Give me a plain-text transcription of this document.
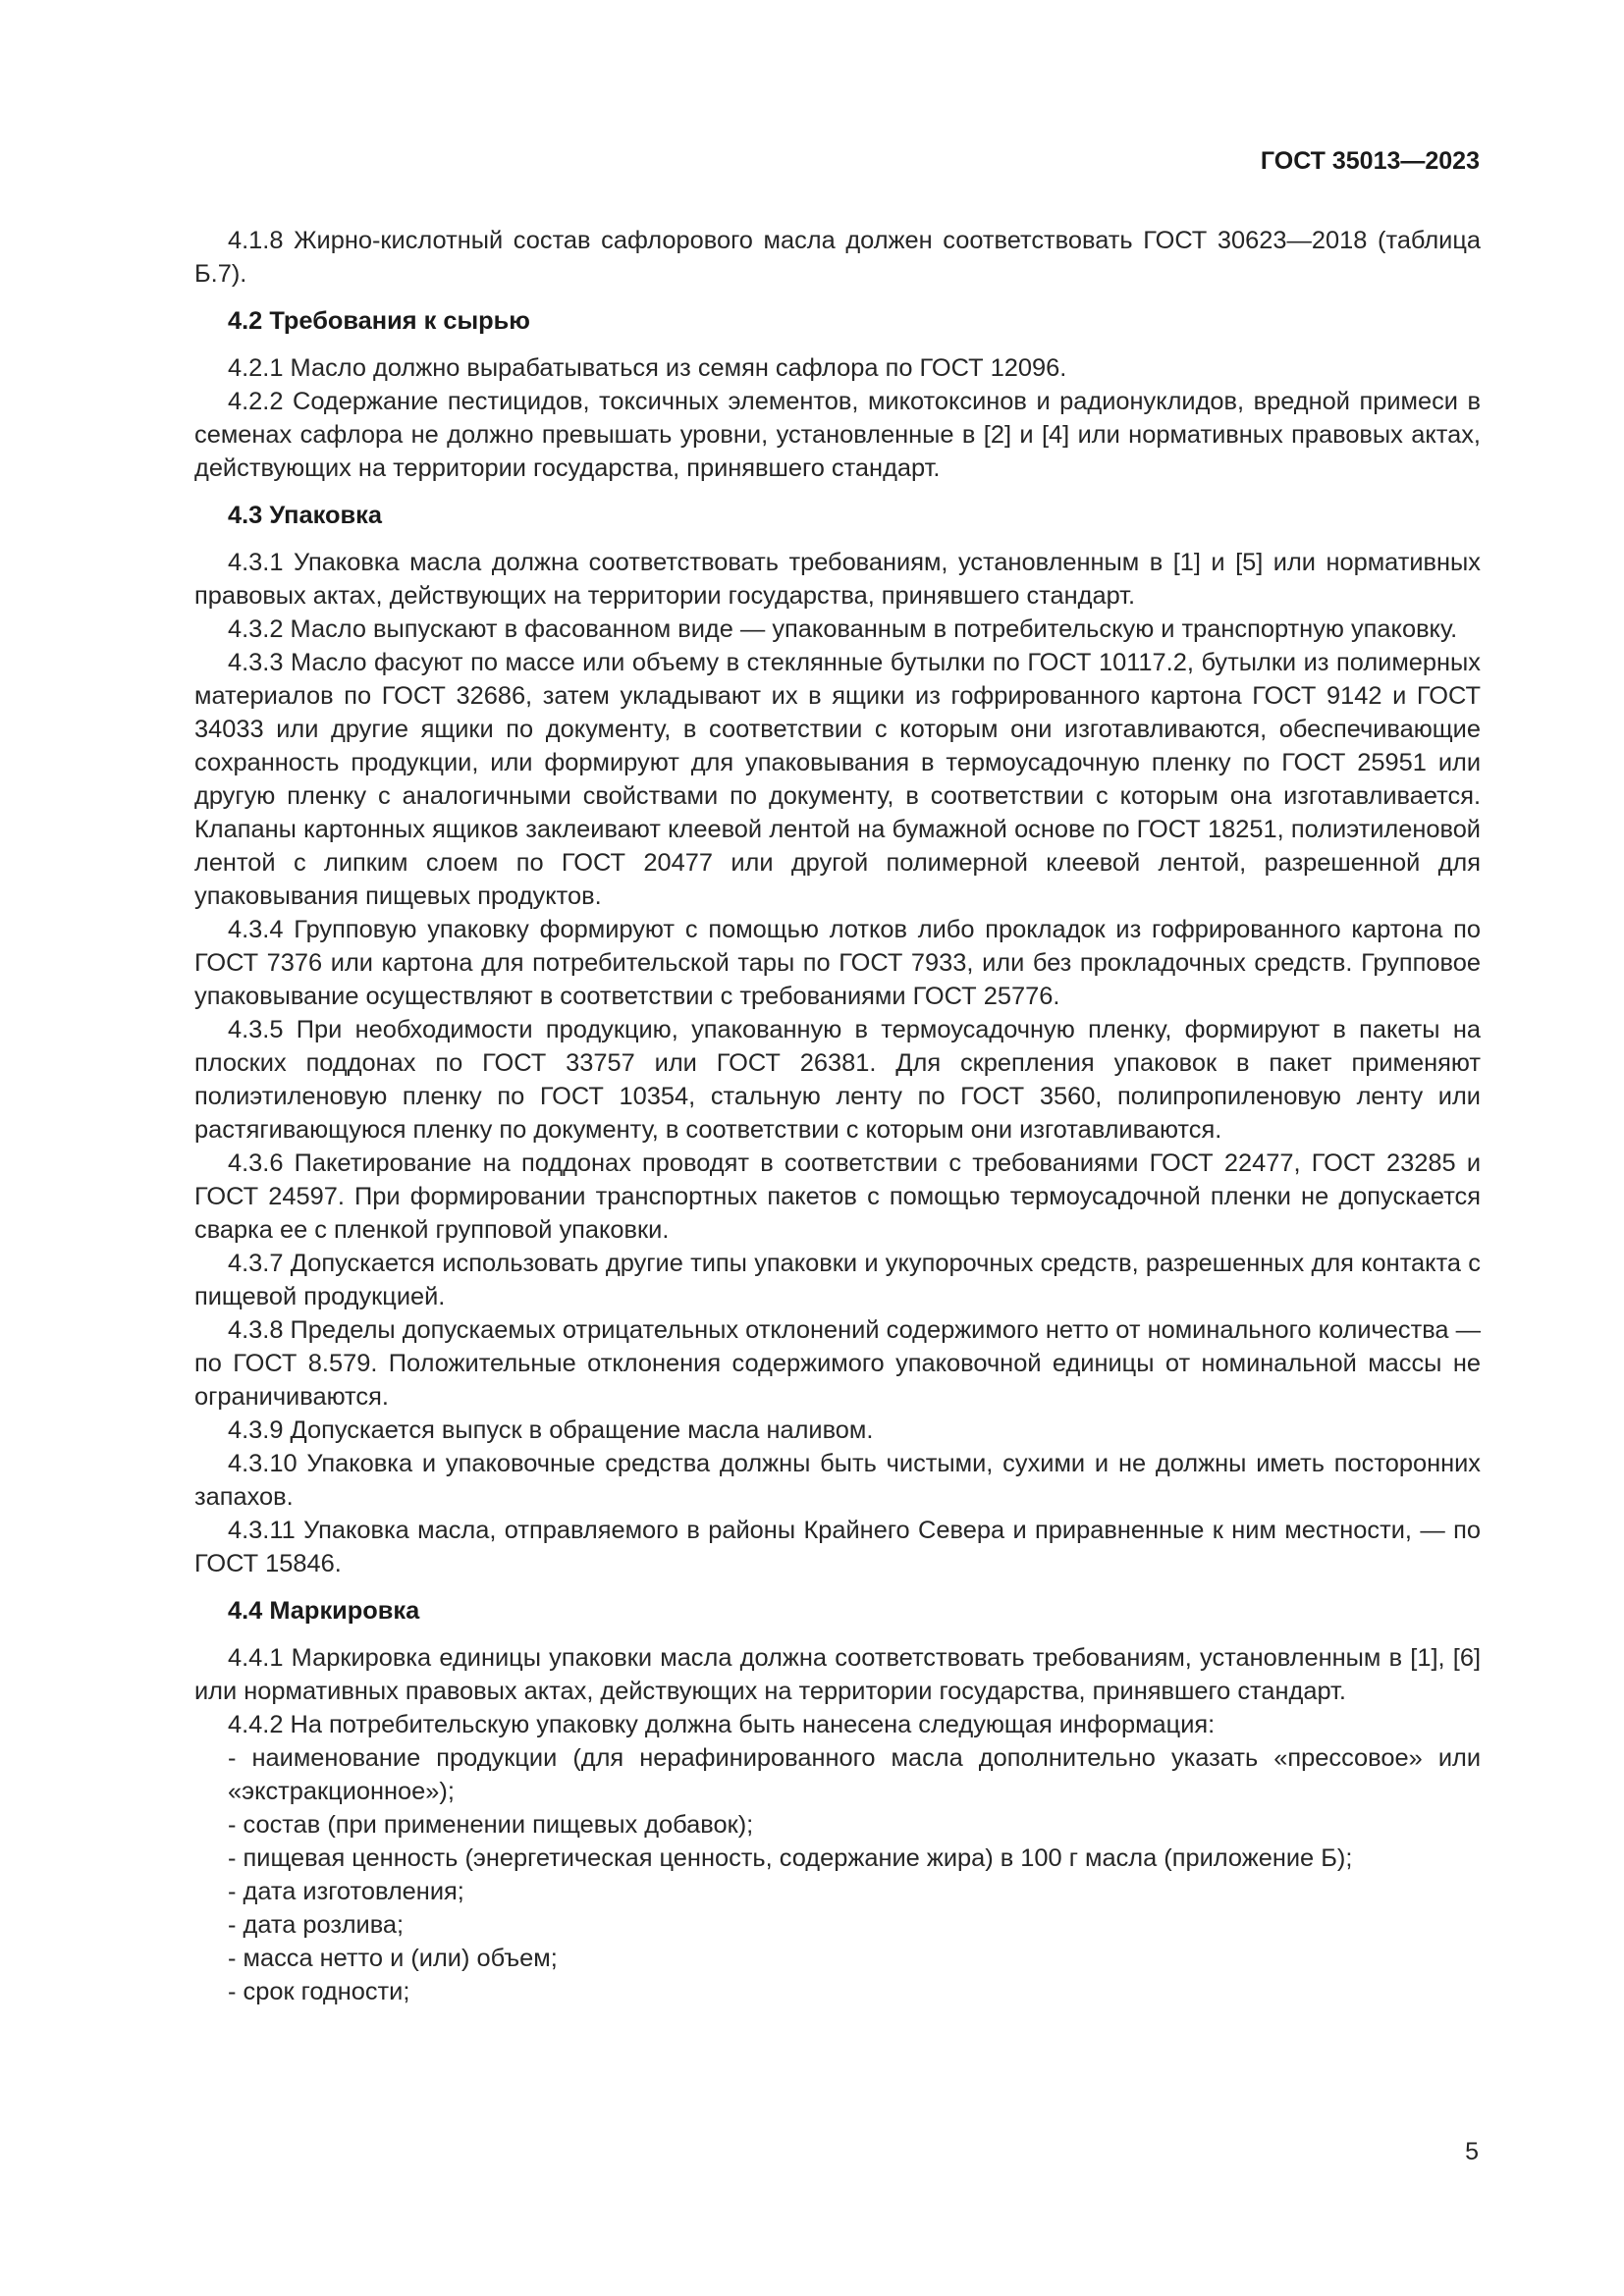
ГОСТ 35013—2023

4.1.8 Жирно-кислотный состав сафлорового масла должен соответствовать ГОСТ 30623—2018 (таблица Б.7).

4.2 Требования к сырью

4.2.1 Масло должно вырабатываться из семян сафлора по ГОСТ 12096.

4.2.2 Содержание пестицидов, токсичных элементов, микотоксинов и радионуклидов, вредной примеси в семенах сафлора не должно превышать уровни, установленные в [2] и [4] или нормативных правовых актах, действующих на территории государства, принявшего стандарт.

4.3 Упаковка

4.3.1 Упаковка масла должна соответствовать требованиям, установленным в [1] и [5] или нормативных правовых актах, действующих на территории государства, принявшего стандарт.

4.3.2 Масло выпускают в фасованном виде — упакованным в потребительскую и транспортную упаковку.

4.3.3 Масло фасуют по массе или объему в стеклянные бутылки по ГОСТ 10117.2, бутылки из полимерных материалов по ГОСТ 32686, затем укладывают их в ящики из гофрированного картона ГОСТ 9142 и ГОСТ 34033 или другие ящики по документу, в соответствии с которым они изготавливаются, обеспечивающие сохранность продукции, или формируют для упаковывания в термоусадочную пленку по ГОСТ 25951 или другую пленку с аналогичными свойствами по документу, в соответствии с которым она изготавливается. Клапаны картонных ящиков заклеивают клеевой лентой на бумажной основе по ГОСТ 18251, полиэтиленовой лентой с липким слоем по ГОСТ 20477 или другой полимерной клеевой лентой, разрешенной для упаковывания пищевых продуктов.

4.3.4 Групповую упаковку формируют с помощью лотков либо прокладок из гофрированного картона по ГОСТ 7376 или картона для потребительской тары по ГОСТ 7933, или без прокладочных средств. Групповое упаковывание осуществляют в соответствии с требованиями ГОСТ 25776.

4.3.5 При необходимости продукцию, упакованную в термоусадочную пленку, формируют в пакеты на плоских поддонах по ГОСТ 33757 или ГОСТ 26381. Для скрепления упаковок в пакет применяют полиэтиленовую пленку по ГОСТ 10354, стальную ленту по ГОСТ 3560, полипропиленовую ленту или растягивающуюся пленку по документу, в соответствии с которым они изготавливаются.

4.3.6 Пакетирование на поддонах проводят в соответствии с требованиями ГОСТ 22477, ГОСТ 23285 и ГОСТ 24597. При формировании транспортных пакетов с помощью термоусадочной пленки не допускается сварка ее с пленкой групповой упаковки.

4.3.7 Допускается использовать другие типы упаковки и укупорочных средств, разрешенных для контакта с пищевой продукцией.

4.3.8 Пределы допускаемых отрицательных отклонений содержимого нетто от номинального количества — по ГОСТ 8.579. Положительные отклонения содержимого упаковочной единицы от номинальной массы не ограничиваются.

4.3.9 Допускается выпуск в обращение масла наливом.

4.3.10 Упаковка и упаковочные средства должны быть чистыми, сухими и не должны иметь посторонних запахов.

4.3.11 Упаковка масла, отправляемого в районы Крайнего Севера и приравненные к ним местности, — по ГОСТ 15846.

4.4 Маркировка

4.4.1 Маркировка единицы упаковки масла должна соответствовать требованиям, установленным в [1], [6] или нормативных правовых актах, действующих на территории государства, принявшего стандарт.

4.4.2 На потребительскую упаковку должна быть нанесена следующая информация:

- наименование продукции (для нерафинированного масла дополнительно указать «прессовое» или «экстракционное»);

- состав (при применении пищевых добавок);

- пищевая ценность (энергетическая ценность, содержание жира) в 100 г масла (приложение Б);

- дата изготовления;

- дата розлива;

- масса нетто и (или) объем;

- срок годности;

5
